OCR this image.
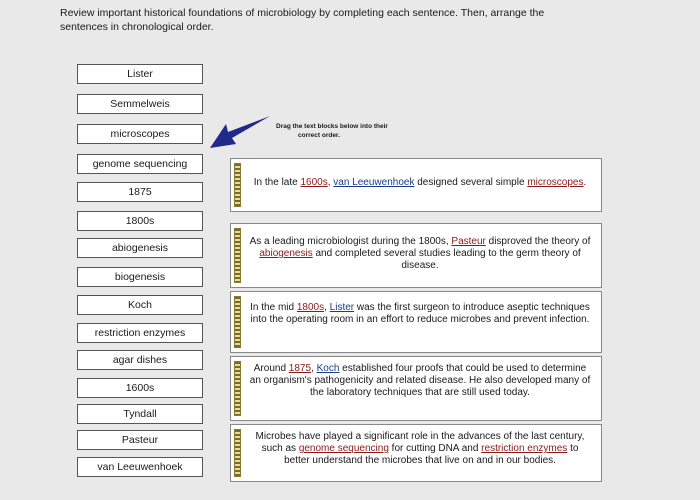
Review important historical foundations of microbiology by completing each sentence. Then, arrange the
sentences in chronological order.
Lister
Semmelweis
microscopes
genome sequencing
1875
1800s
abiogenesis
biogenesis
Koch
restriction enzymes
agar dishes
1600s
Tyndall
Pasteur
van Leeuwenhoek
Drag the text blocks below into their
correct order.
In the late 1600s, van Leeuwenhoek designed several simple microscopes.
As a leading microbiologist during the 1800s, Pasteur disproved the theory of abiogenesis and completed several studies leading to the germ theory of disease.
In the mid 1800s, Lister was the first surgeon to introduce aseptic techniques into the operating room in an effort to reduce microbes and prevent infection.
Around 1875, Koch established four proofs that could be used to determine an organism's pathogenicity and related disease. He also developed many of the laboratory techniques that are still used today.
Microbes have played a significant role in the advances of the last century, such as genome sequencing for cutting DNA and restriction enzymes to better understand the microbes that live on and in our bodies.
